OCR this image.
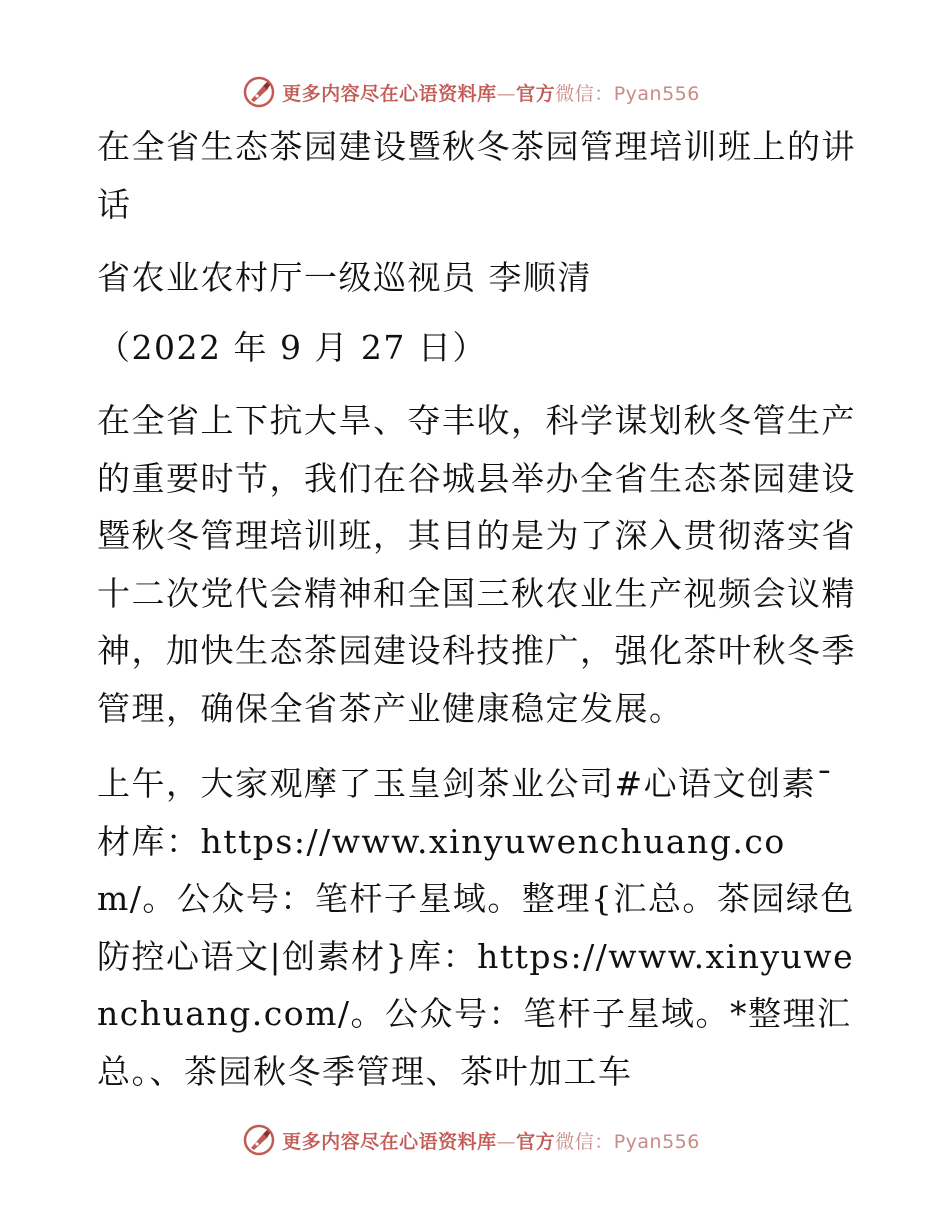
更多内容尽在心语资料库—官方微信：Pyan556

在全省生态茶园建设暨秋冬茶园管理培训班上的讲话

省农业农村厅一级巡视员 李顺清

（2022 年 9 月 27 日）

在全省上下抗大旱、夺丰收，科学谋划秋冬管生产的重要时节，我们在谷城县举办全省生态茶园建设暨秋冬管理培训班，其目的是为了深入贯彻落实省十二次党代会精神和全国三秋农业生产视频会议精神，加快生态茶园建设科技推广，强化茶叶秋冬季管理，确保全省茶产业健康稳定发展。

上午，大家观摩了玉皇剑茶业公司#心语文创素¯材库：https://www.xinyuwenchuang.com/。公众号：笔杆子星域。整理{汇总。茶园绿色防控心语文|创素材}库：https://www.xinyuwenchuang.com/。公众号：笔杆子星域。*整理汇总。、茶园秋冬季管理、茶叶加工车

更多内容尽在心语资料库—官方微信：Pyan556
